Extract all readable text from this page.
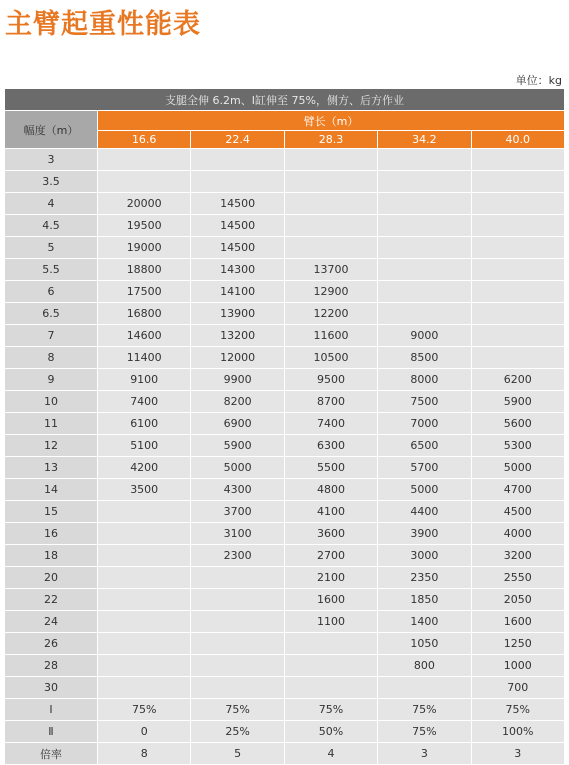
主臂起重性能表
单位：kg
支腿全伸 6.2m、Ⅰ缸伸至 75%，侧方、后方作业					
幅度（m）	臂长（m）				
	16.6	22.4	28.3	34.2	40.0
3					
3.5					
4	20000	14500			
4.5	19500	14500			
5	19000	14500			
5.5	18800	14300	13700		
6	17500	14100	12900		
6.5	16800	13900	12200		
7	14600	13200	11600	9000	
8	11400	12000	10500	8500	
9	9100	9900	9500	8000	6200
10	7400	8200	8700	7500	5900
11	6100	6900	7400	7000	5600
12	5100	5900	6300	6500	5300
13	4200	5000	5500	5700	5000
14	3500	4300	4800	5000	4700
15		3700	4100	4400	4500
16		3100	3600	3900	4000
18		2300	2700	3000	3200
20			2100	2350	2550
22			1600	1850	2050
24			1100	1400	1600
26				1050	1250
28				800	1000
30					700
Ⅰ	75%	75%	75%	75%	75%
Ⅱ	0	25%	50%	75%	100%
倍率	8	5	4	3	3
